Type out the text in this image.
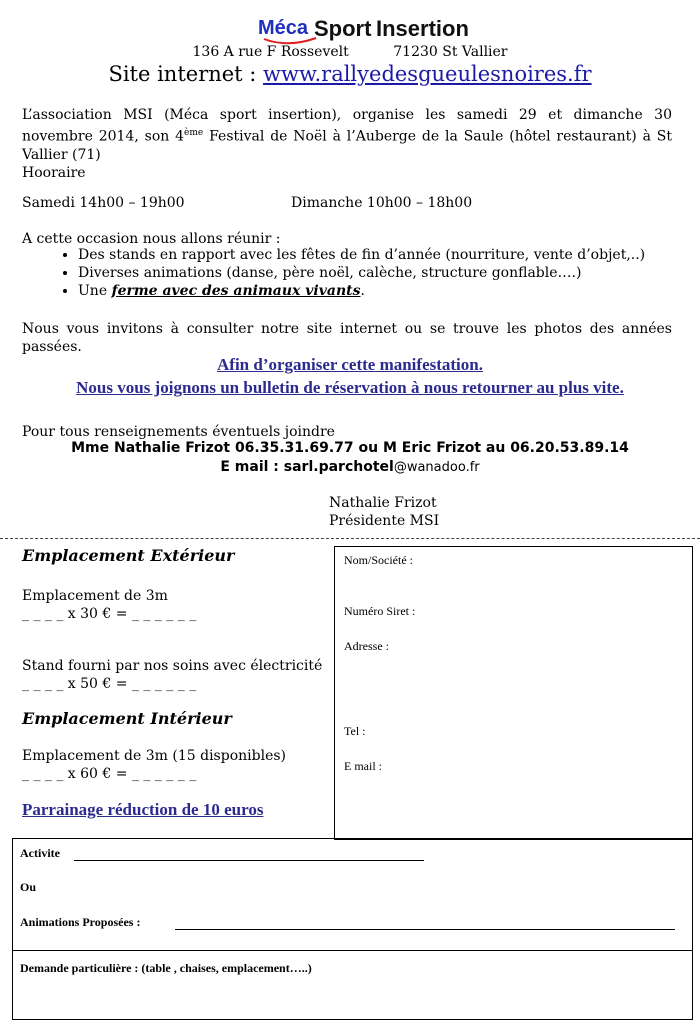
Méca Sport Insertion
136 A rue F Rossevelt          71230 St Vallier
Site internet : www.rallyedesgueulesnoires.fr
L’association MSI (Méca sport insertion), organise les samedi 29 et dimanche 30
novembre 2014, son 4ème Festival de Noël à l’Auberge de la Saule (hôtel restaurant) à St
Vallier (71)
Hooraire
Samedi 14h00 – 19h00	Dimanche 10h00 – 18h00
A cette occasion nous allons réunir :
• Des stands en rapport avec les fêtes de fin d’année (nourriture, vente d’objet,..)
• Diverses animations (danse, père noël, calèche, structure gonflable….)
• Une ferme avec des animaux vivants.
Nous vous invitons à consulter notre site internet ou se trouve les photos des années
passées.
Afin d’organiser cette manifestation.
Nous vous joignons un bulletin de réservation à nous retourner au plus vite.
Pour tous renseignements éventuels joindre
Mme Nathalie Frizot 06.35.31.69.77 ou M Eric Frizot au 06.20.53.89.14
E mail : sarl.parchotel@wanadoo.fr
Nathalie Frizot
Présidente MSI
Emplacement Extérieur
Emplacement de 3m
_ _ _ _ x 30 € = _ _ _ _ _ _
Stand fourni par nos soins avec électricité
_ _ _ _ x 50 € = _ _ _ _ _ _
Emplacement Intérieur
Emplacement de 3m (15 disponibles)
_ _ _ _ x 60 € = _ _ _ _ _ _
Parrainage réduction de 10 euros
Nom/Société :
Numéro Siret :
Adresse :
Tel :
E mail :
Activite
Ou
Animations Proposées :
Demande particulière : (table , chaises, emplacement…..)
